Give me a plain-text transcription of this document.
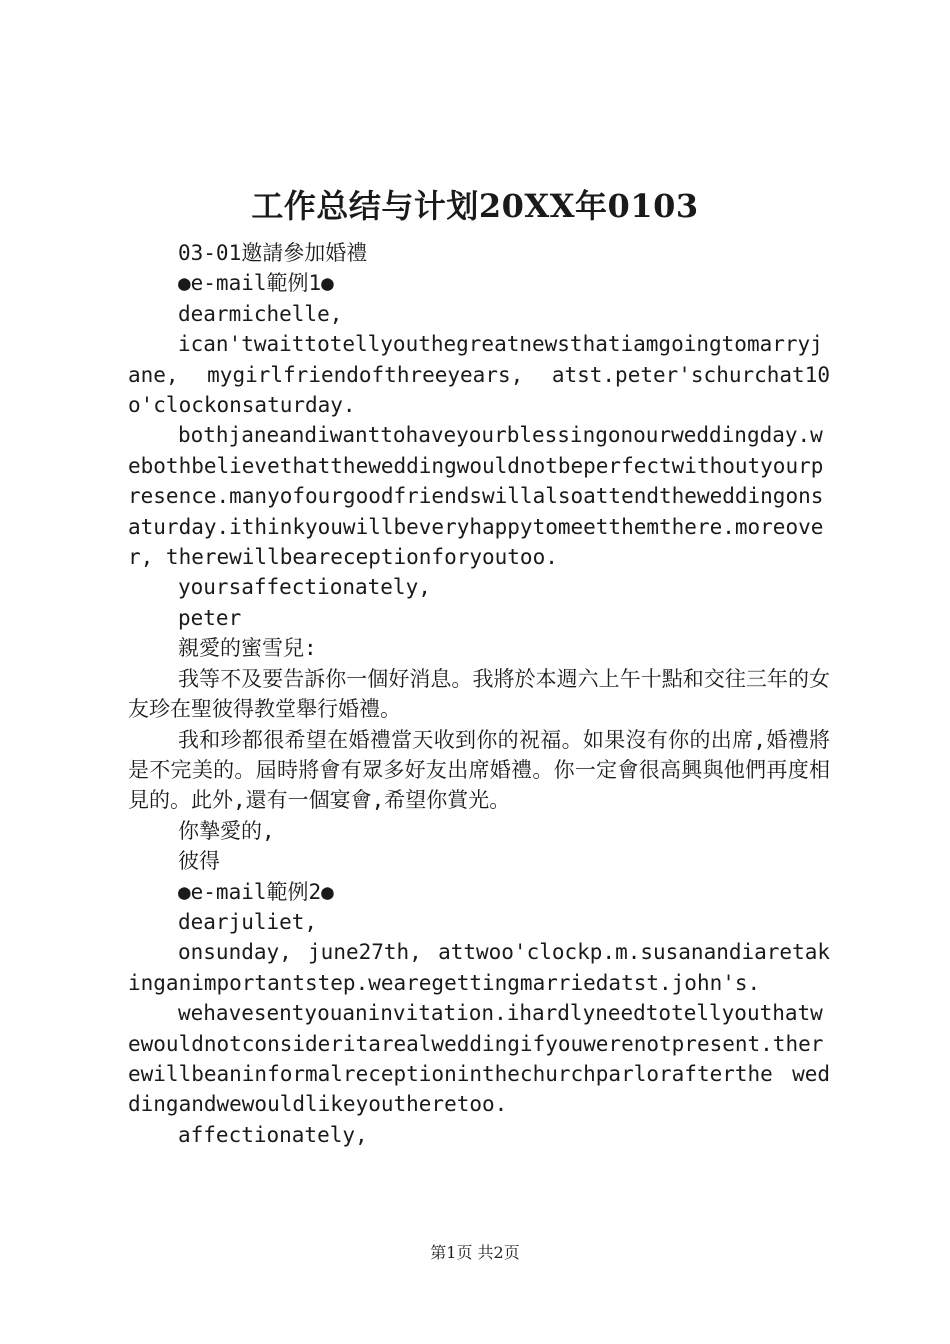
工作总结与计划20XX年0103

03-01邀請參加婚禮

●e-mail範例1●

dearmichelle,

ican'twaittotellyouthegreatnewsthatiamgoingtomarryjane, mygirlfriendofthreeyears, atst.peter'schurchat10o'clockonsaturday.

bothjaneandiwanttohaveyourblessingonourweddingday.webothbelievethattheweddingwouldnotbeperfectwithoutyourpresence.manyofourgoodfriendswillalsoattendtheweddingonsaturday.ithinkyouwillbeveryhappytomeetthemthere.moreover, therewillbeareceptionforyoutoo.

yoursaffectionately,

peter

親愛的蜜雪兒:

我等不及要告訴你一個好消息。我將於本週六上午十點和交往三年的女友珍在聖彼得教堂舉行婚禮。

我和珍都很希望在婚禮當天收到你的祝福。如果沒有你的出席,婚禮將是不完美的。屆時將會有眾多好友出席婚禮。你一定會很高興與他們再度相見的。此外,還有一個宴會,希望你賞光。

你摯愛的,

彼得

●e-mail範例2●

dearjuliet,

onsunday, june27th, attwoo'clockp.m.susanandiaretakinganimportantstep.wearegettingmarriedatst.john's.

wehavesentyouaninvitation.ihardlyneedtotellyouthatwewouldnotconsideritarealweddingifyouwerenotpresent.therewillbeaninformalreceptioninthechurchparlorafterthe weddingandwewouldlikeyoutheretoo.

affectionately,

第1页 共2页
